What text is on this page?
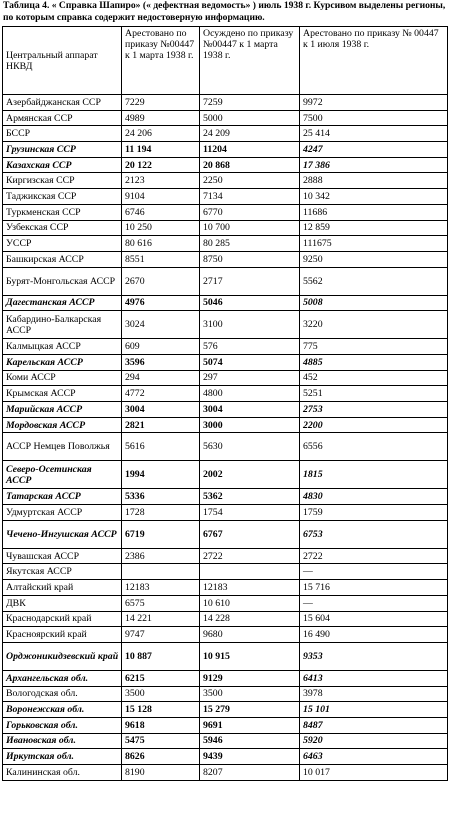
Таблица 4. « Справка Шапиро» (« дефектная ведомость» ) июль 1938 г. Курсивом выделены регионы, по которым справка содержит недостоверную информацию.
Центральный аппарат НКВД	Арестовано по приказу №00447 к 1 марта 1938 г.	Осуждено по приказу №00447 к 1 марта 1938 г.	Арестовано по приказу № 00447 к 1 июля 1938 г.
Азербайджанская ССР	7229	7259	9972
Армянская ССР	4989	5000	7500
БССР	24 206	24 209	25 414
Грузинская ССР	11 194	11204	4247
Казахская ССР	20 122	20 868	17 386
Киргизская ССР	2123	2250	2888
Таджикская ССР	9104	7134	10 342
Туркменская ССР	6746	6770	11686
Узбекская ССР	10 250	10 700	12 859
УССР	80 616	80 285	111675
Башкирская АССР	8551	8750	9250
Бурят-Монгольская АССР	2670	2717	5562
Дагестанская АССР	4976	5046	5008
Кабардино-Балкарская АССР	3024	3100	3220
Калмыцкая АССР	609	576	775
Карельская АССР	3596	5074	4885
Коми АССР	294	297	452
Крымская АССР	4772	4800	5251
Марийская АССР	3004	3004	2753
Мордовская АССР	2821	3000	2200
АССР Немцев Поволжья	5616	5630	6556
Северо-Осетинская АССР	1994	2002	1815
Татарская АССР	5336	5362	4830
Удмуртская АССР	1728	1754	1759
Чечено-Ингушская АССР	6719	6767	6753
Чувашская АССР	2386	2722	2722
Якутская АССР			—
Алтайский край	12183	12183	15 716
ДВК	6575	10 610	—
Краснодарский край	14 221	14 228	15 604
Красноярский край	9747	9680	16 490
Орджоникидзевский край	10 887	10 915	9353
Архангельская обл.	6215	9129	6413
Вологодская обл.	3500	3500	3978
Воронежская обл.	15 128	15 279	15 101
Горьковская обл.	9618	9691	8487
Ивановская обл.	5475	5946	5920
Иркутская обл.	8626	9439	6463
Калининская обл.	8190	8207	10 017
